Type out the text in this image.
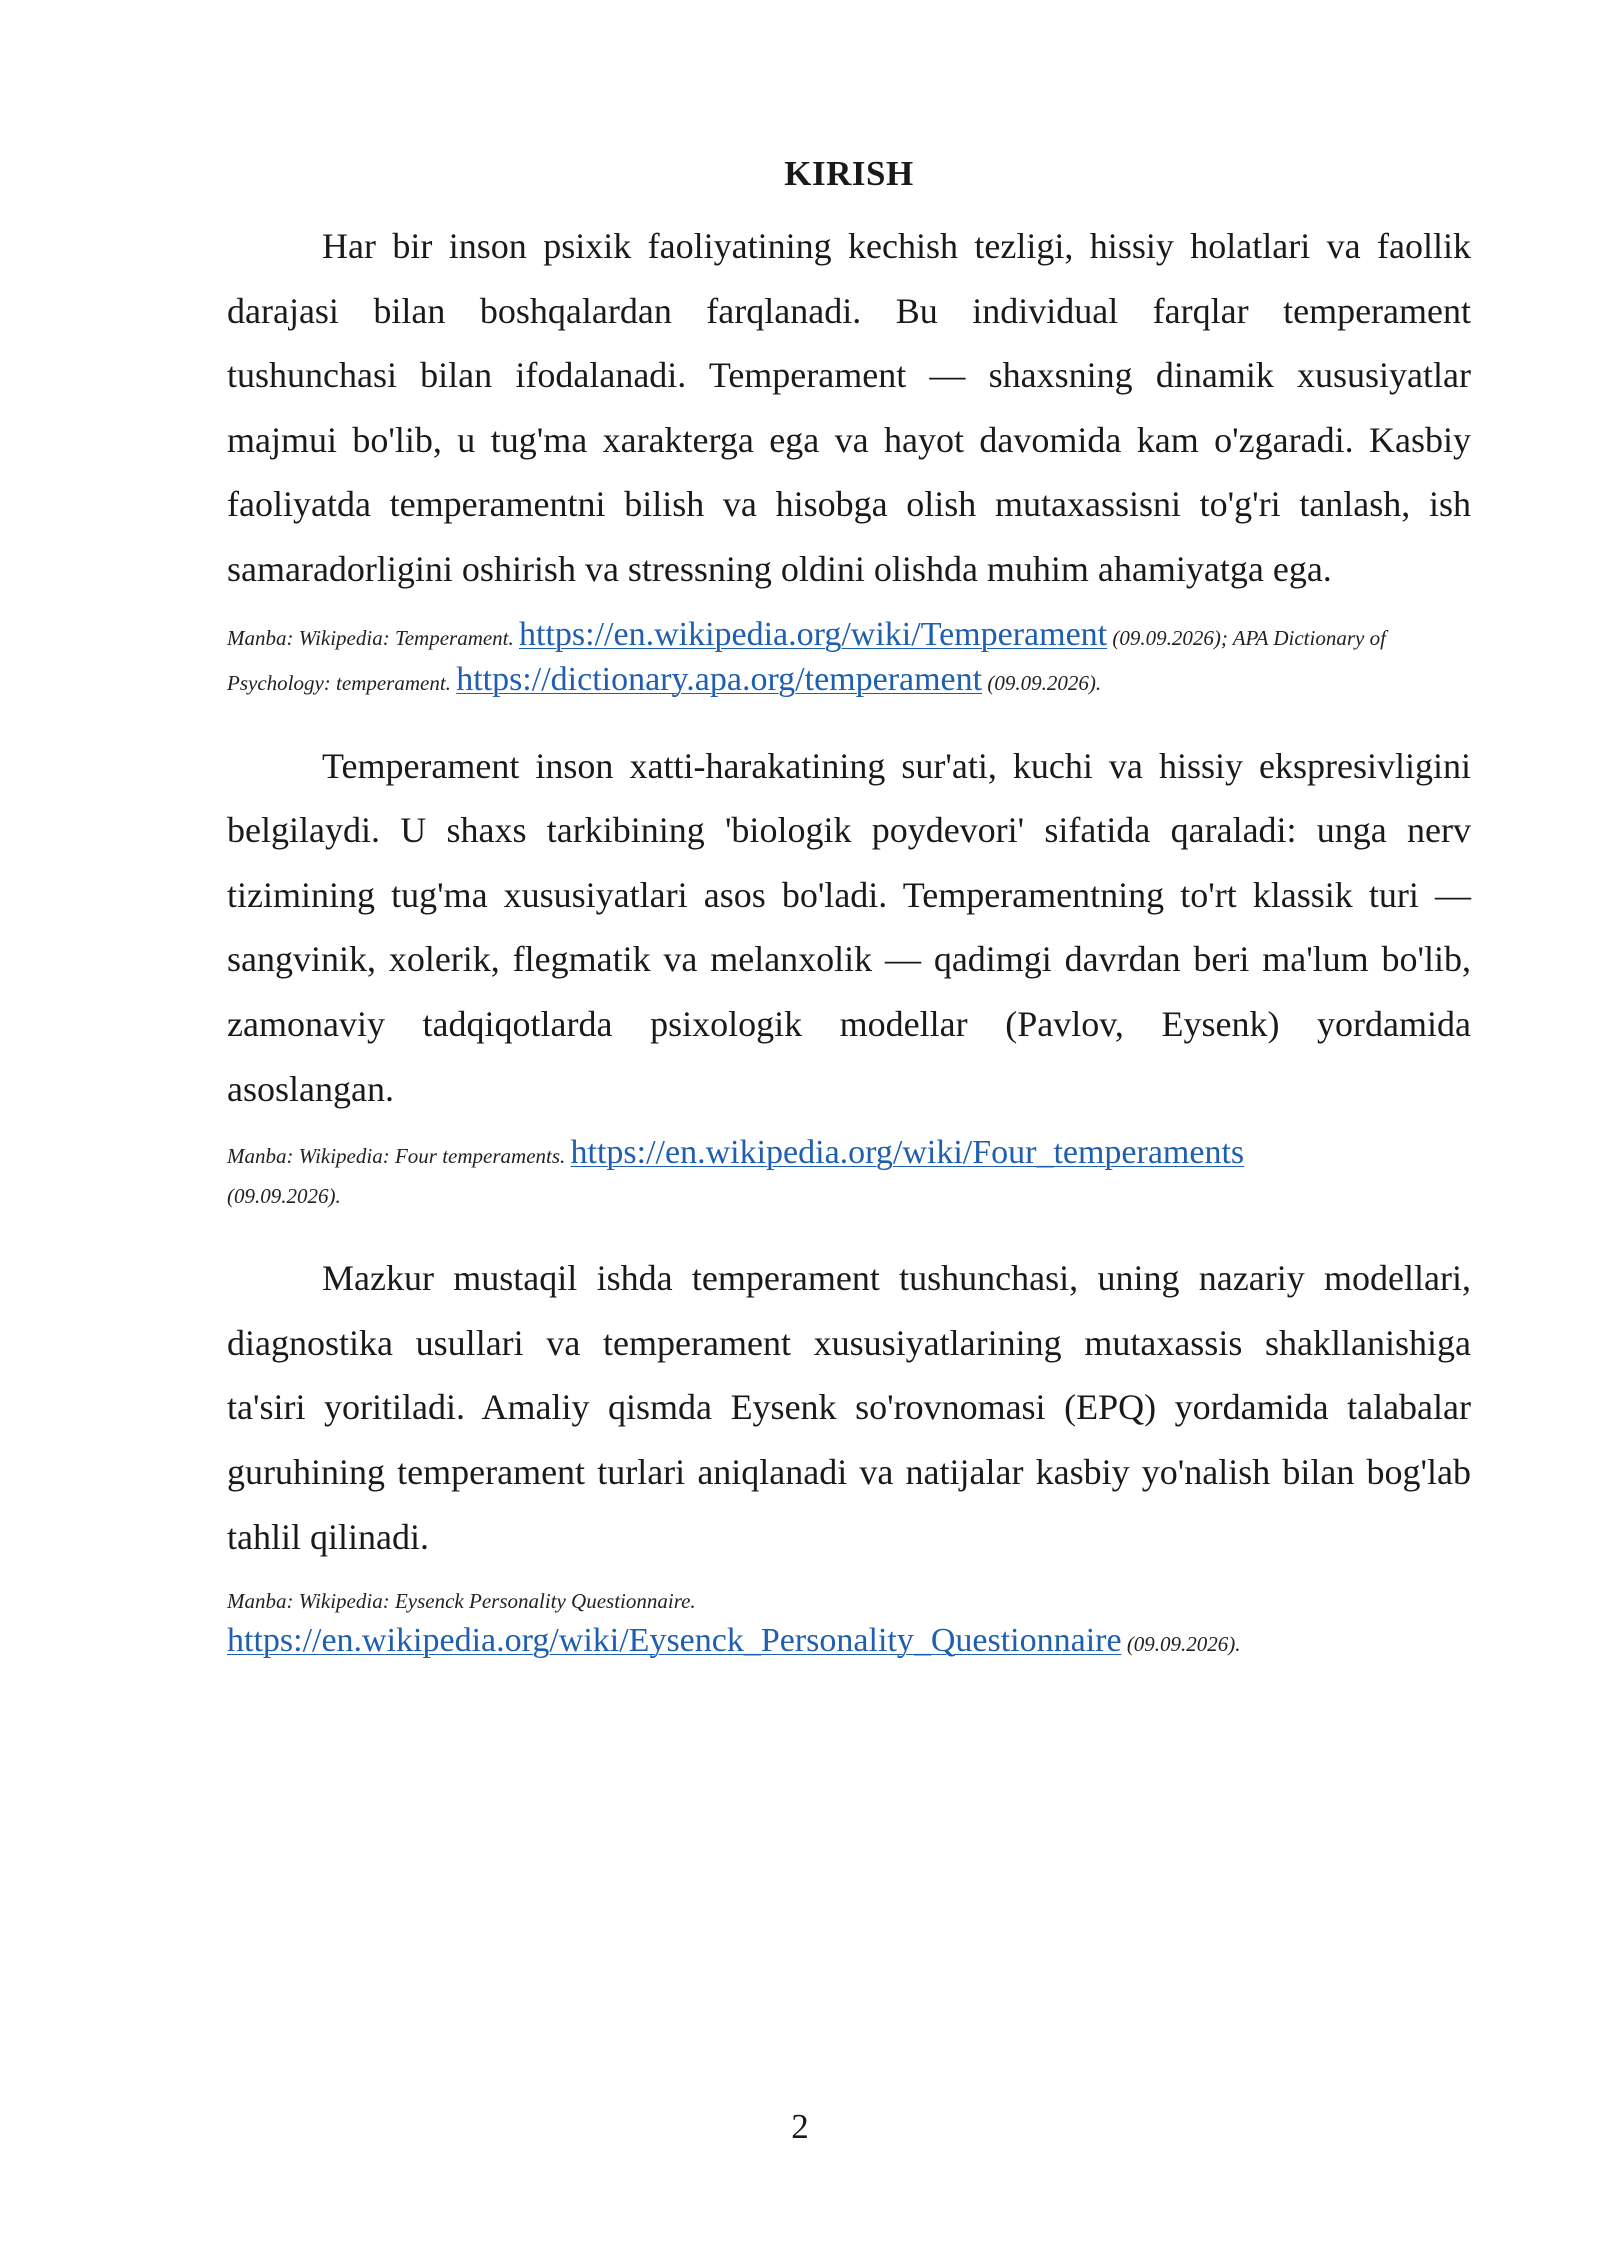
KIRISH

Har bir inson psixik faoliyatining kechish tezligi, hissiy holatlari va faollik darajasi bilan boshqalardan farqlanadi. Bu individual farqlar temperament tushunchasi bilan ifodalanadi. Temperament — shaxsning dinamik xususiyatlar majmui bo'lib, u tug'ma xarakterga ega va hayot davomida kam o'zgaradi. Kasbiy faoliyatda temperamentni bilish va hisobga olish mutaxassisni to'g'ri tanlash, ish samaradorligini oshirish va stressning oldini olishda muhim ahamiyatga ega.

Manba: Wikipedia: Temperament. https://en.wikipedia.org/wiki/Temperament (09.09.2026); APA Dictionary of Psychology: temperament. https://dictionary.apa.org/temperament (09.09.2026).

Temperament inson xatti-harakatining sur'ati, kuchi va hissiy ekspresivligini belgilaydi. U shaxs tarkibining 'biologik poydevori' sifatida qaraladi: unga nerv tizimining tug'ma xususiyatlari asos bo'ladi. Temperamentning to'rt klassik turi — sangvinik, xolerik, flegmatik va melanxolik — qadimgi davrdan beri ma'lum bo'lib, zamonaviy tadqiqotlarda psixologik modellar (Pavlov, Eysenk) yordamida asoslangan.

Manba: Wikipedia: Four temperaments. https://en.wikipedia.org/wiki/Four_temperaments
(09.09.2026).

Mazkur mustaqil ishda temperament tushunchasi, uning nazariy modellari, diagnostika usullari va temperament xususiyatlarining mutaxassis shakllanishiga ta'siri yoritiladi. Amaliy qismda Eysenk so'rovnomasi (EPQ) yordamida talabalar guruhining temperament turlari aniqlanadi va natijalar kasbiy yo'nalish bilan bog'lab tahlil qilinadi.

Manba: Wikipedia: Eysenck Personality Questionnaire.
https://en.wikipedia.org/wiki/Eysenck_Personality_Questionnaire (09.09.2026).
2
